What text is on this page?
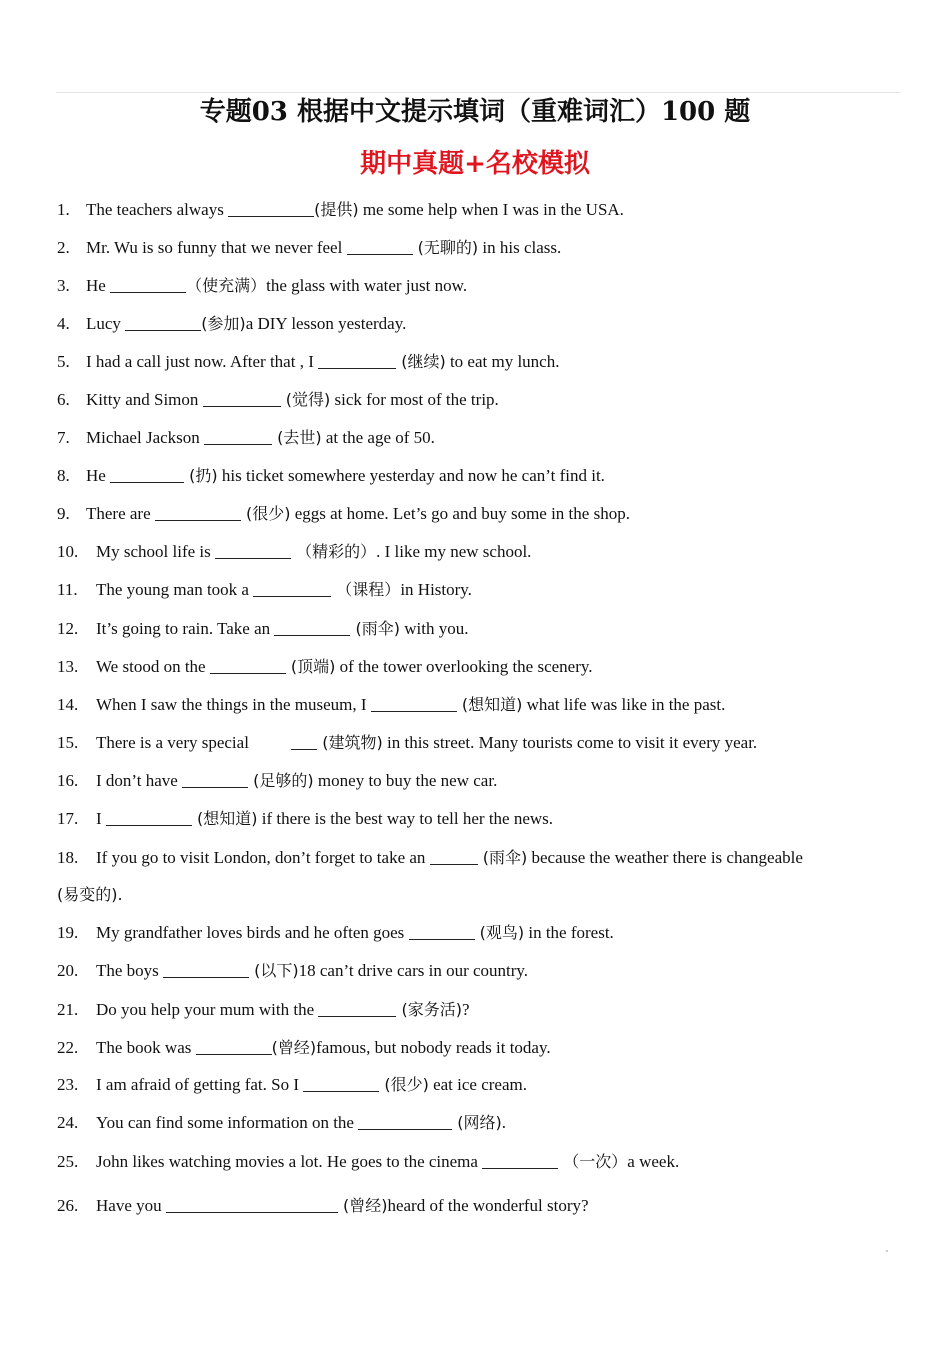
专题03 根据中文提示填词（重难词汇）100 题
期中真题+名校模拟
1. The teachers always	(提供) me some help when I was in the USA.
2. Mr. Wu is so funny that we never feel	(无聊的) in his class.
3. He	（使充满）the glass with water just now.
4. Lucy	(参加)a DIY lesson yesterday.
5. I had a call just now. After that , I	(继续) to eat my lunch.
6. Kitty and Simon	(觉得) sick for most of the trip.
7. Michael Jackson	(去世) at the age of 50.
8. He	(扔) his ticket somewhere yesterday and now he can’t find it.
9. There are	(很少) eggs at home. Let’s go and buy some in the shop.
10. My school life is	（精彩的）. I like my new school.
11. The young man took a	（课程）in History.
12. It’s going to rain. Take an	(雨伞) with you.
13. We stood on the	(顶端) of the tower overlooking the scenery.
14. When I saw the things in the museum, I	(想知道) what life was like in the past.
15. There is a very special	(建筑物) in this street. Many tourists come to visit it every year.
16. I don’t have	(足够的) money to buy the new car.
17. I	(想知道) if there is the best way to tell her the news.
18. If you go to visit London, don’t forget to take an	(雨伞) because the weather there is changeable
(易变的).
19. My grandfather loves birds and he often goes	(观鸟) in the forest.
20. The boys	(以下)18 can’t drive cars in our country.
21. Do you help your mum with the	(家务活)?
22. The book was	(曾经)famous, but nobody reads it today.
23. I am afraid of getting fat. So I	(很少) eat ice cream.
24. You can find some information on the	(网络).
25. John likes watching movies a lot. He goes to the cinema	（一次）a week.
26. Have you	(曾经)heard of the wonderful story?
